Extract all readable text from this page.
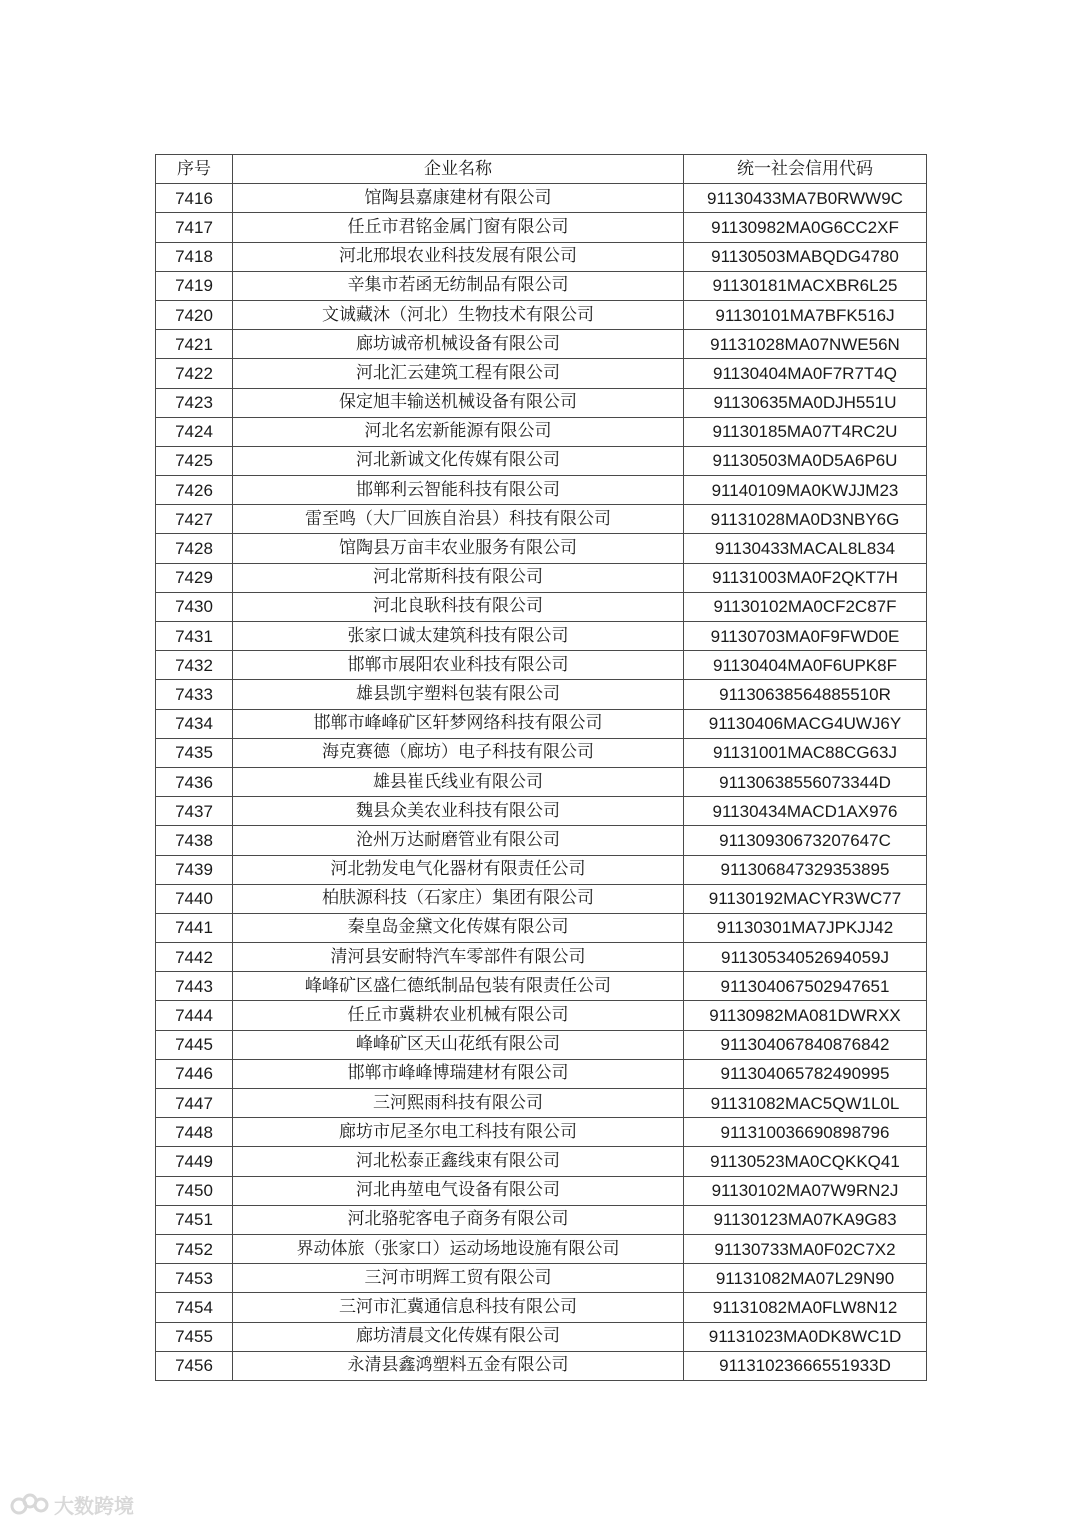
序号	企业名称	统一社会信用代码
7416	馆陶县嘉康建材有限公司	91130433MA7B0RWW9C
7417	任丘市君铭金属门窗有限公司	91130982MA0G6CC2XF
7418	河北邢垠农业科技发展有限公司	91130503MABQDG4780
7419	辛集市若函无纺制品有限公司	91130181MACXBR6L25
7420	文诚藏沐（河北）生物技术有限公司	91130101MA7BFK516J
7421	廊坊诚帝机械设备有限公司	91131028MA07NWE56N
7422	河北汇云建筑工程有限公司	91130404MA0F7R7T4Q
7423	保定旭丰输送机械设备有限公司	91130635MA0DJH551U
7424	河北名宏新能源有限公司	91130185MA07T4RC2U
7425	河北新诚文化传媒有限公司	91130503MA0D5A6P6U
7426	邯郸利云智能科技有限公司	91140109MA0KWJJM23
7427	雷至鸣（大厂回族自治县）科技有限公司	91131028MA0D3NBY6G
7428	馆陶县万亩丰农业服务有限公司	91130433MACAL8L834
7429	河北常斯科技有限公司	91131003MA0F2QKT7H
7430	河北良耿科技有限公司	91130102MA0CF2C87F
7431	张家口诚太建筑科技有限公司	91130703MA0F9FWD0E
7432	邯郸市展阳农业科技有限公司	91130404MA0F6UPK8F
7433	雄县凯宇塑料包装有限公司	91130638564885510R
7434	邯郸市峰峰矿区轩梦网络科技有限公司	91130406MACG4UWJ6Y
7435	海克赛德（廊坊）电子科技有限公司	91131001MAC88CG63J
7436	雄县崔氏线业有限公司	91130638556073344D
7437	魏县众美农业科技有限公司	91130434MACD1AX976
7438	沧州万达耐磨管业有限公司	91130930673207647C
7439	河北勃发电气化器材有限责任公司	911306847329353895
7440	柏肤源科技（石家庄）集团有限公司	91130192MACYR3WC77
7441	秦皇岛金黛文化传媒有限公司	91130301MA7JPKJJ42
7442	清河县安耐特汽车零部件有限公司	91130534052694059J
7443	峰峰矿区盛仁德纸制品包装有限责任公司	911304067502947651
7444	任丘市冀耕农业机械有限公司	91130982MA081DWRXX
7445	峰峰矿区天山花纸有限公司	911304067840876842
7446	邯郸市峰峰博瑞建材有限公司	911304065782490995
7447	三河熙雨科技有限公司	91131082MAC5QW1L0L
7448	廊坊市尼圣尔电工科技有限公司	911310036690898796
7449	河北松泰正鑫线束有限公司	91130523MA0CQKKQ41
7450	河北冉堃电气设备有限公司	91130102MA07W9RN2J
7451	河北骆驼客电子商务有限公司	91130123MA07KA9G83
7452	界动体旅（张家口）运动场地设施有限公司	91130733MA0F02C7X2
7453	三河市明辉工贸有限公司	91131082MA07L29N90
7454	三河市汇冀通信息科技有限公司	91131082MA0FLW8N12
7455	廊坊清晨文化传媒有限公司	91131023MA0DK8WC1D
7456	永清县鑫鸿塑料五金有限公司	91131023666551933D
大数跨境
